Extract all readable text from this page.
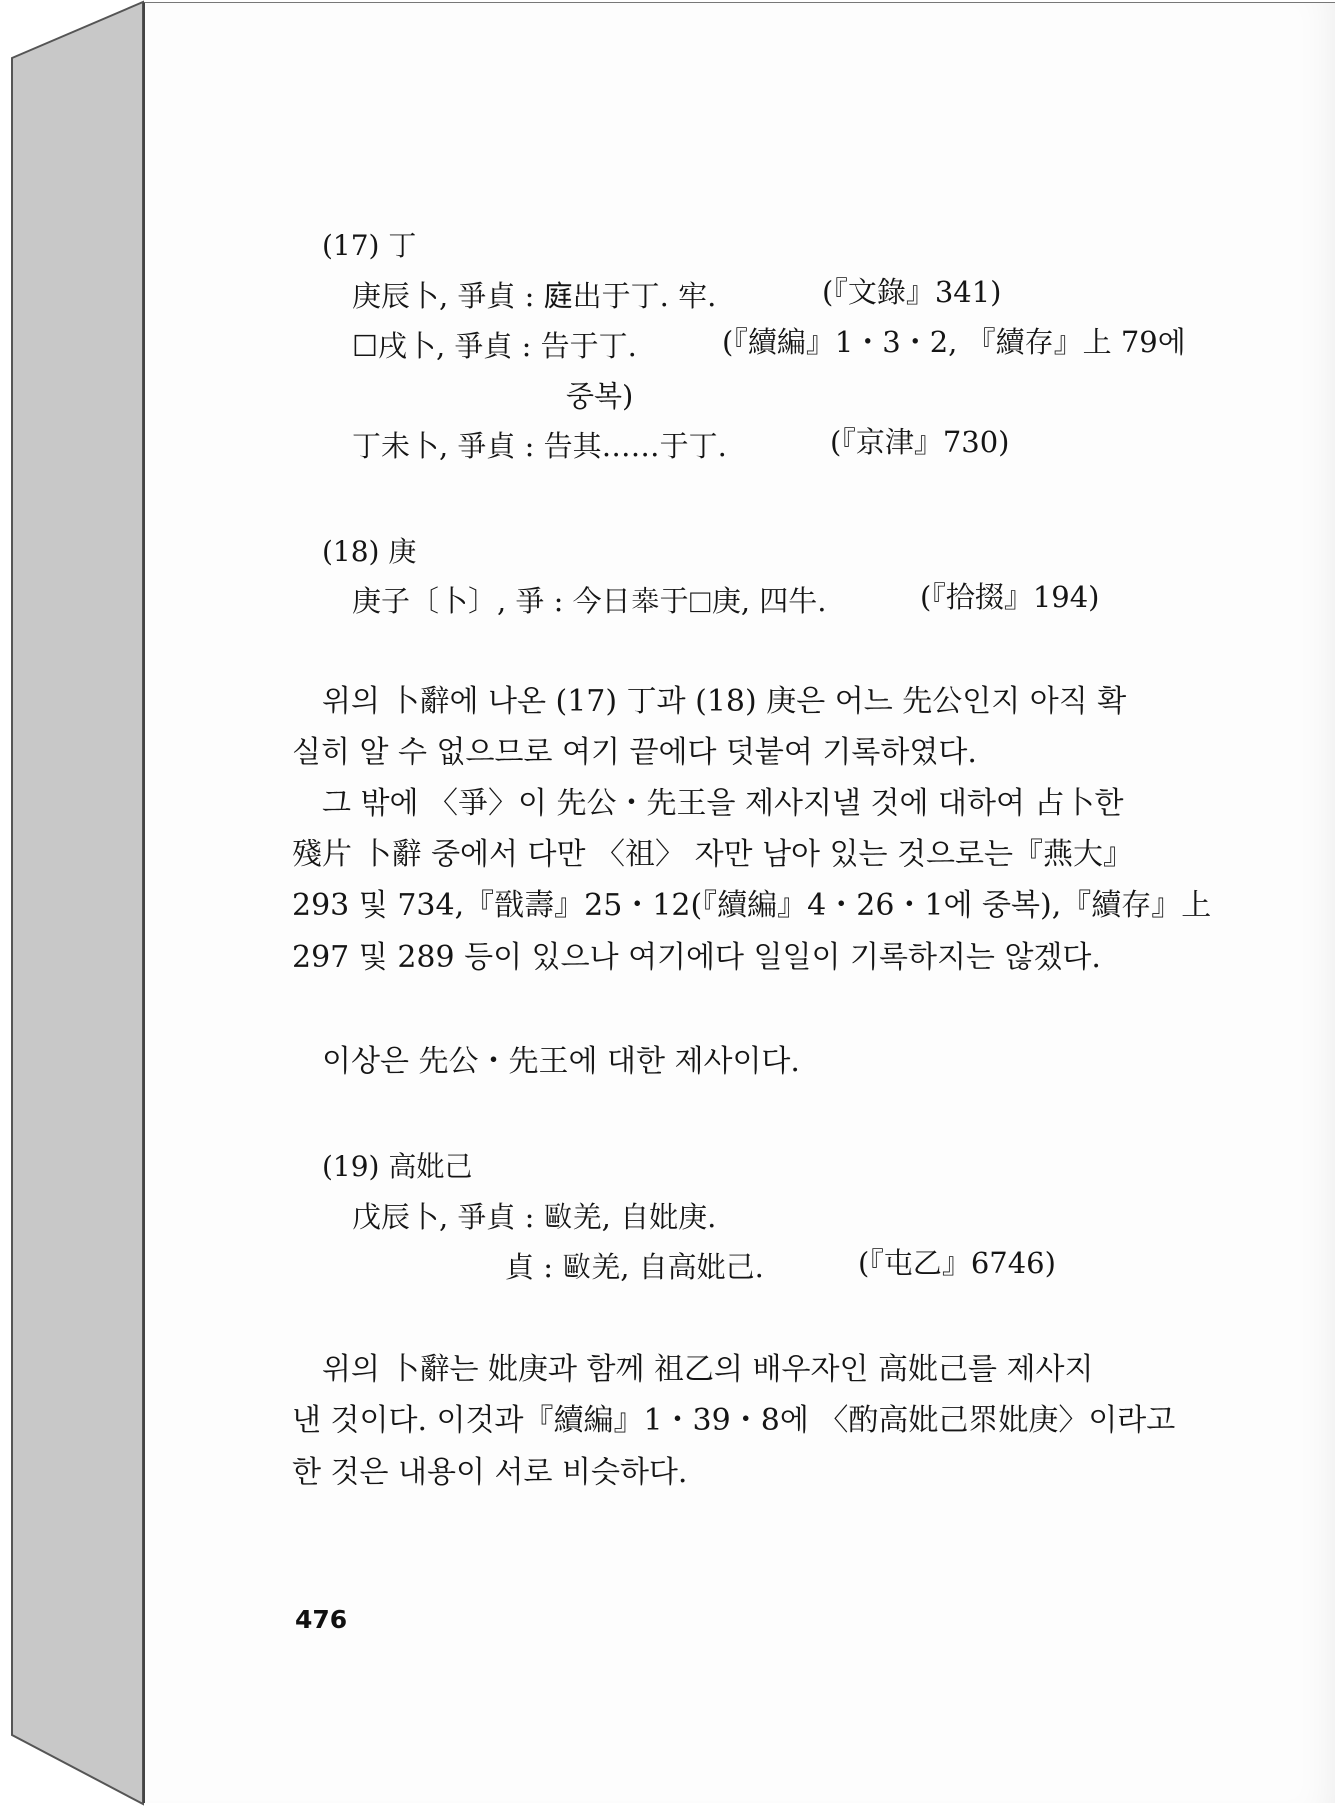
(17) 丁
庚辰卜, 爭貞 : 𨓍出于丁. 牢.	(『文錄』341)
☐戌卜, 爭貞 : 告于丁.	(『續編』1・3・2, 『續存』上 79에
중복)
丁未卜, 爭貞 : 告其……于丁.	(『京津』730)
(18) 庚
庚子〔卜〕, 爭 : 今日𠦪于☐庚, 四牛.	(『拾掇』194)
위의 卜辭에 나온 (17) 丁과 (18) 庚은 어느 先公인지 아직 확
실히 알 수 없으므로 여기 끝에다 덧붙여 기록하였다.
그 밖에 〈爭〉이 先公・先王을 제사지낼 것에 대하여 占卜한
殘片 卜辭 중에서 다만 〈祖〉 자만 남아 있는 것으로는『燕大』
293 및 734,『戩壽』25・12(『續編』4・26・1에 중복),『續存』上
297 및 289 등이 있으나 여기에다 일일이 기록하지는 않겠다.
이상은 先公・先王에 대한 제사이다.
(19) 高妣己
戊辰卜, 爭貞 : 𢿛羌, 自妣庚.
貞 : 𢿛羌, 自高妣己.	(『屯乙』6746)
위의 卜辭는 妣庚과 함께 祖乙의 배우자인 高妣己를 제사지
낸 것이다. 이것과『續編』1・39・8에 〈酌高妣己眔妣庚〉이라고
한 것은 내용이 서로 비슷하다.
476
